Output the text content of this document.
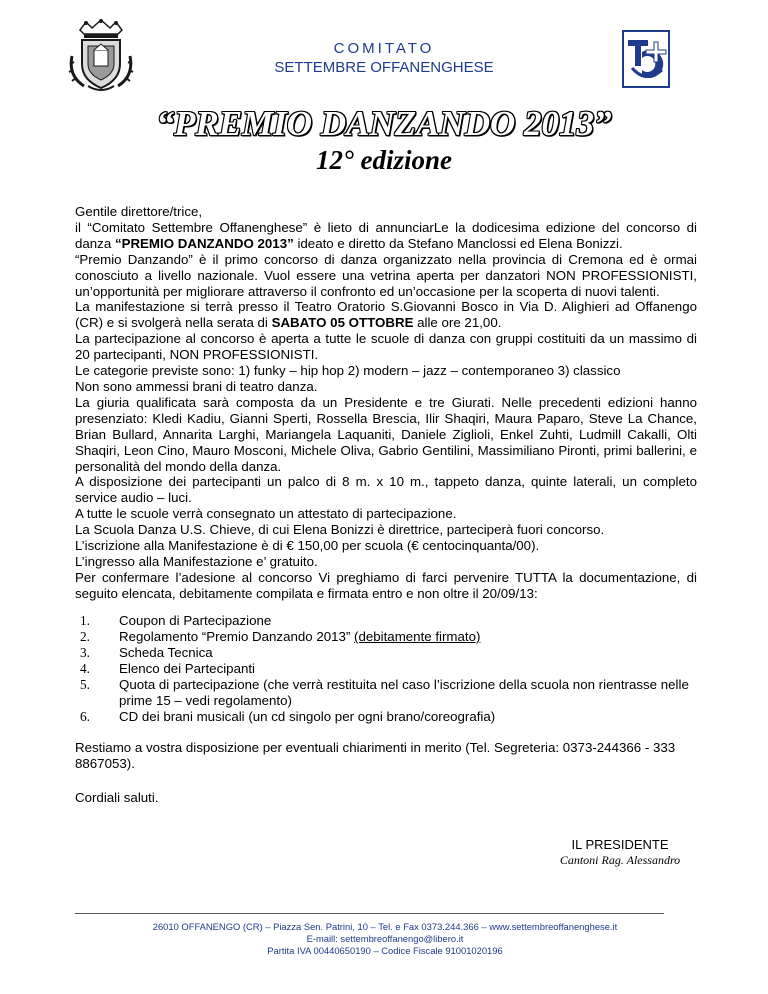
COMITATO
SETTEMBRE OFFANENGHESE
“PREMIO DANZANDO 2013”
12° edizione

Gentile direttore/trice,

il “Comitato Settembre Offanenghese” è lieto di annunciarLe la dodicesima edizione del concorso di danza “PREMIO DANZANDO 2013” ideato e diretto da Stefano Manclossi ed Elena Bonizzi.

“Premio Danzando” è il primo concorso di danza organizzato nella provincia di Cremona ed è ormai conosciuto a livello nazionale. Vuol essere una vetrina aperta per danzatori NON PROFESSIONISTI, un’opportunità per migliorare attraverso il confronto ed un’occasione per la scoperta di nuovi talenti.

La manifestazione si terrà presso il Teatro Oratorio S.Giovanni Bosco in Via D. Alighieri ad Offanengo (CR) e si svolgerà nella serata di SABATO 05 OTTOBRE alle ore 21,00.

La partecipazione al concorso è aperta a tutte le scuole di danza con gruppi costituiti da un massimo di 20 partecipanti, NON PROFESSIONISTI.

Le categorie previste sono: 1) funky – hip hop 2) modern – jazz – contemporaneo 3) classico

Non sono ammessi brani di teatro danza.

La giuria qualificata sarà composta da un Presidente e tre Giurati. Nelle precedenti edizioni hanno presenziato: Kledi Kadiu, Gianni Sperti, Rossella Brescia, Ilir Shaqiri, Maura Paparo, Steve La Chance, Brian Bullard, Annarita Larghi, Mariangela Laquaniti, Daniele Ziglioli, Enkel Zuhti, Ludmill Cakalli, Olti Shaqiri, Leon Cino, Mauro Mosconi, Michele Oliva, Gabrio Gentilini, Massimiliano Pironti, primi ballerini, e personalità del mondo della danza.

A disposizione dei partecipanti un palco di 8 m. x 10 m., tappeto danza, quinte laterali, un completo service audio – luci.

A tutte le scuole verrà consegnato un attestato di partecipazione.

La Scuola Danza U.S. Chieve, di cui Elena Bonizzi è direttrice, parteciperà fuori concorso.

L’iscrizione alla Manifestazione è di € 150,00 per scuola (€ centocinquanta/00).

L’ingresso alla Manifestazione e’ gratuito.

Per confermare l’adesione al concorso Vi preghiamo di farci pervenire TUTTA la documentazione, di seguito elencata, debitamente compilata e firmata entro e non oltre il 20/09/13:

1. Coupon di Partecipazione
2. Regolamento “Premio Danzando 2013” (debitamente firmato)
3. Scheda Tecnica
4. Elenco dei Partecipanti
5. Quota di partecipazione (che verrà restituita nel caso l’iscrizione della scuola non rientrasse nelle prime 15 – vedi regolamento)
6. CD dei brani musicali (un cd singolo per ogni brano/coreografia)
Restiamo a vostra disposizione per eventuali chiarimenti in merito (Tel. Segreteria: 0373-244366 - 333 8867053).
Cordiali saluti.
IL PRESIDENTE
Cantoni Rag. Alessandro
26010 OFFANENGO (CR) – Piazza Sen. Patrini, 10 – Tel. e Fax 0373.244.366 – www.settembreoffanenghese.it
E-maill: settembreoffanengo@libero.it
Partita IVA 00440650190 – Codice Fiscale 91001020196
